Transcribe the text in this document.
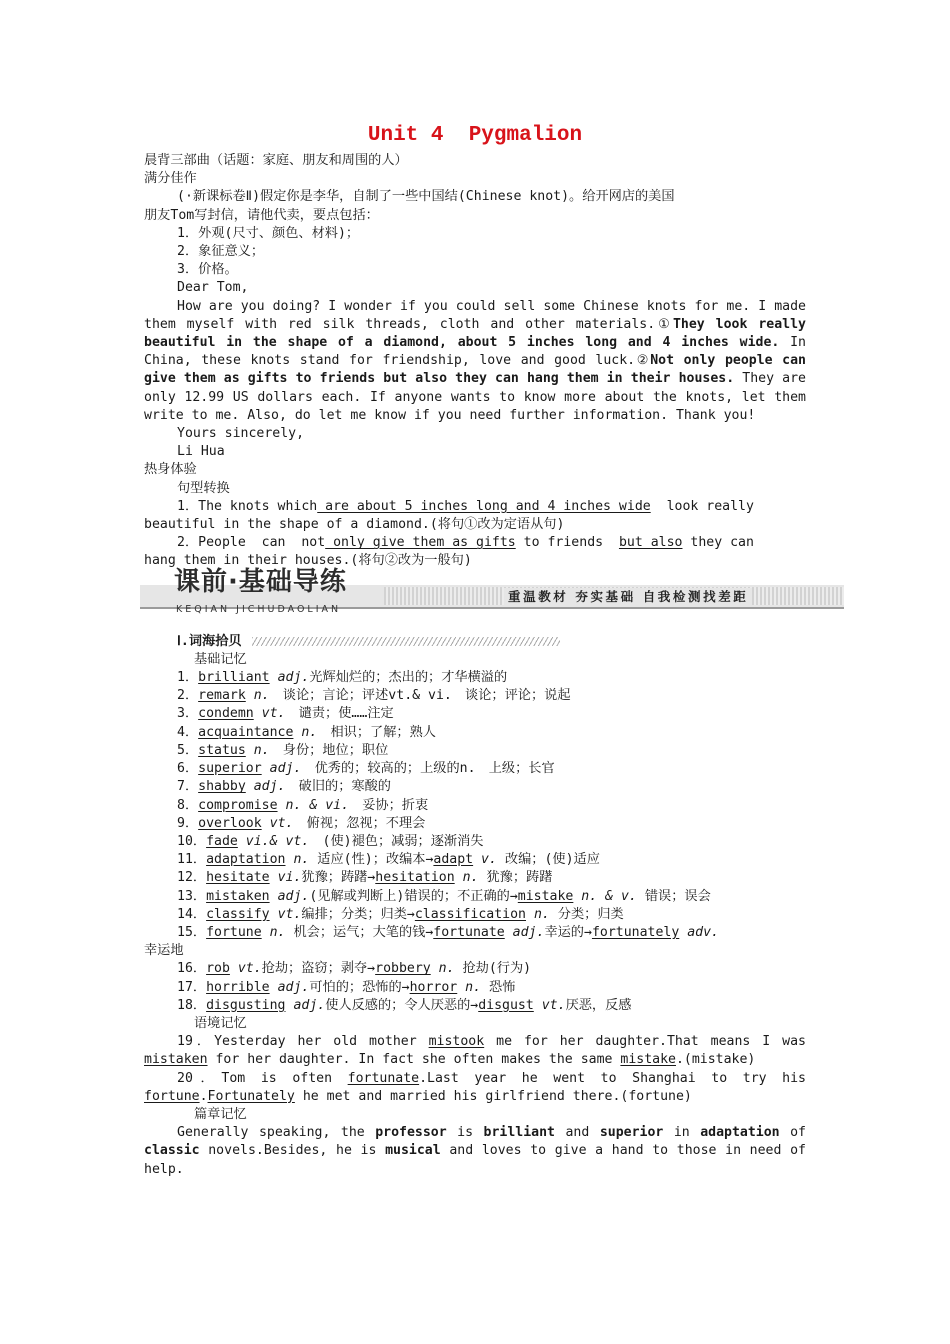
Unit 4  Pygmalion

晨背三部曲（话题：家庭、朋友和周围的人）

满分佳作

(·新课标卷Ⅱ)假定你是李华，自制了一些中国结(Chinese knot)。给开网店的美国

朋友Tom写封信，请他代卖，要点包括：

1．外观(尺寸、颜色、材料)；

2．象征意义；

3．价格。

Dear Tom,

How are you doing? I wonder if you could sell some Chinese knots for me. I made them myself with red silk threads, cloth and other materials.①They look really beautiful in the shape of a diamond, about 5 inches long and 4 inches wide. In China, these knots stand for friendship, love and good luck.②Not only people can give them as gifts to friends but also they can hang them in their houses. They are only 12.99 US dollars each. If anyone wants to know more about the knots, let them write to me. Also, do let me know if you need further information. Thank you!

Yours sincerely,

Li Hua

热身体验

句型转换

1．The knots which are about 5 inches long and 4 inches wide  look really

beautiful in the shape of a diamond.(将句①改为定语从句)

2．People  can  not only give them as gifts to friends  but also they can

hang them in their houses.(将句②改为一般句)

课前·基础导练
KEQIAN JICHUDAOLIAN
重温教材 夯实基础 自我检测找差距
Ⅰ.词海拾贝

基础记忆

1．brilliant adj.光辉灿烂的；杰出的；才华横溢的

2．remark n.　谈论；言论；评述vt.& vi.　谈论；评论；说起

3．condemn vt.　谴责；使……注定

4．acquaintance n.　相识；了解；熟人

5．status n.　身份；地位；职位

6．superior adj.　优秀的；较高的；上级的n.　上级；长官

7．shabby adj.　破旧的；寒酸的

8．compromise n. & vi.　妥协；折衷

9．overlook vt.　俯视；忽视；不理会

10．fade vi.& vt.　(使)褪色；减弱；逐渐消失

11．adaptation n. 适应(性)；改编本→adapt v. 改编；(使)适应

12．hesitate vi.犹豫；踌躇→hesitation n. 犹豫；踌躇

13．mistaken adj.(见解或判断上)错误的；不正确的→mistake n. & v. 错误；误会

14．classify vt.编排；分类；归类→classification n. 分类；归类

15．fortune n. 机会；运气；大笔的钱→fortunate adj.幸运的→fortunately adv.

幸运地

16．rob vt.抢劫；盗窃；剥夺→robbery n. 抢劫(行为)

17．horrible adj.可怕的；恐怖的→horror n. 恐怖

18．disgusting adj.使人反感的；令人厌恶的→disgust vt.厌恶，反感

语境记忆

19．Yesterday her old mother mistook me for her daughter.That means I was mistaken for her daughter. In fact she often makes the same mistake.(mistake)

20．Tom is often fortunate.Last year he went to Shanghai to try his fortune.Fortunately he met and married his girlfriend there.(fortune)

篇章记忆

Generally speaking, the professor is brilliant and superior in adaptation of classic novels.Besides, he is musical and loves to give a hand to those in need of help.
